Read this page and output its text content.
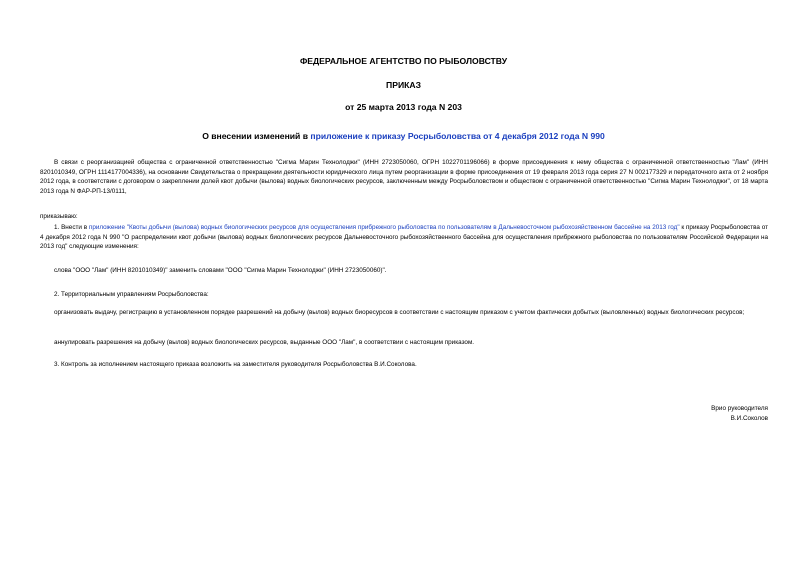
ФЕДЕРАЛЬНОЕ АГЕНТСТВО ПО РЫБОЛОВСТВУ
ПРИКАЗ
от 25 марта 2013 года N 203
О внесении изменений в приложение к приказу Росрыболовства от 4 декабря 2012 года N 990
В связи с реорганизацией общества с ограниченной ответственностью "Сигма Марин Технолоджи" (ИНН 2723050060, ОГРН 1022701196066) в форме присоединения к нему общества с ограниченной ответственностью "Лам" (ИНН 8201010349, ОГРН 1114177004336), на основании Свидетельства о прекращении деятельности юридического лица путем реорганизации в форме присоединения от 19 февраля 2013 года серия 27 N 002177329 и передаточного акта от 2 ноября 2012 года, в соответствии с договором о закреплении долей квот добычи (вылова) водных биологических ресурсов, заключенным между Росрыболовством и обществом с ограниченной ответственностью "Сигма Марин Технолоджи", от 18 марта 2013 года N ФАР-РП-13/0111,
приказываю:
1. Внести в приложение "Квоты добычи (вылова) водных биологических ресурсов для осуществления прибрежного рыболовства по пользователям в Дальневосточном рыбохозяйственном бассейне на 2013 год" к приказу Росрыболовства от 4 декабря 2012 года N 990 "О распределении квот добычи (вылова) водных биологических ресурсов Дальневосточного рыбохозяйственного бассейна для осуществления прибрежного рыболовства по пользователям Российской Федерации на 2013 год" следующие изменения:
слова "ООО "Лам" (ИНН 8201010349)" заменить словами "ООО "Сигма Марин Технолоджи" (ИНН 2723050060)".
2. Территориальным управлениям Росрыболовства:
организовать выдачу, регистрацию в установленном порядке разрешений на добычу (вылов) водных биоресурсов в соответствии с настоящим приказом с учетом фактически добытых (выловленных) водных биологических ресурсов;
аннулировать разрешения на добычу (вылов) водных биологических ресурсов, выданные ООО "Лам", в соответствии с настоящим приказом.
3. Контроль за исполнением настоящего приказа возложить на заместителя руководителя Росрыболовства В.И.Соколова.
Врио руководителя
В.И.Соколов
